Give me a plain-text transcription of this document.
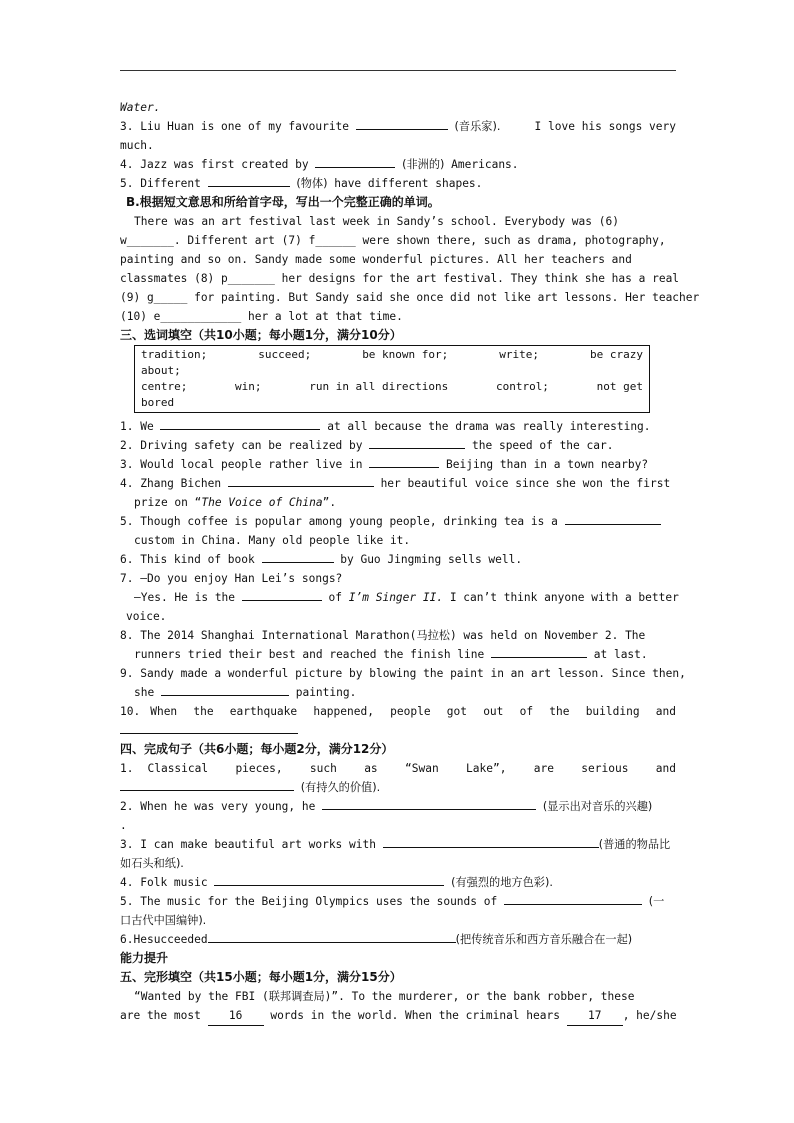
Water.
3. Liu Huan is one of my favourite	(音乐家).	I love his songs very
much.
4. Jazz was first created by	(非洲的) Americans.
5. Different	(物体) have different shapes.
B.根据短文意思和所给首字母，写出一个完整正确的单词。
There was an art festival last week in Sandy’s school. Everybody was (6)
w_______. Different art (7) f______ were shown there, such as drama, photography,
painting and so on. Sandy made some wonderful pictures. All her teachers and
classmates (8) p_______ her designs for the art festival. They think she has a real
(9) g_____ for painting. But Sandy said she once did not like art lessons. Her teacher
(10) e____________ her a lot at that time.
三、选词填空（共10小题；每小题1分，满分10分）
tradition;	succeed;	be known for;	write;	be crazy
about;
centre;	win;	run in all directions	control;	not get
bored
1. We	at all because the drama was really interesting.
2. Driving safety can be realized by	the speed of the car.
3. Would local people rather live in	Beijing than in a town nearby?
4. Zhang Bichen	her beautiful voice since she won the first
prize on “The Voice of China”.
5. Though coffee is popular among young people, drinking tea is a
custom in China. Many old people like it.
6. This kind of book	by Guo Jingming sells well.
7. —Do you enjoy Han Lei’s songs?
—Yes. He is the	of I’m Singer II. I can’t think anyone with a better
voice.
8. The 2014 Shanghai International Marathon(马拉松) was held on November 2. The
runners tried their best and reached the finish line	at last.
9. Sandy made a wonderful picture by blowing the paint in an art lesson. Since then,
she	painting.
10. When the earthquake happened, people got out of the building and
四、完成句子（共6小题；每小题2分，满分12分）
1.	Classical pieces, such as “Swan Lake”, are serious and
(有持久的价值).
2. When he was very young, he	(显示出对音乐的兴趣)
.
3. I can make beautiful art works with	(普通的物品比
如石头和纸).
4. Folk music	(有强烈的地方色彩).
5. The music for the Beijing Olympics uses the sounds of	(一
口古代中国编钟).
6.Hesucceeded	(把传统音乐和西方音乐融合在一起)
能力提升
五、完形填空（共15小题；每小题1分，满分15分）
“Wanted by the FBI (联邦调查局)”. To the murderer, or the bank robber, these
are the most	16	words in the world. When the criminal hears	17 , he/she
